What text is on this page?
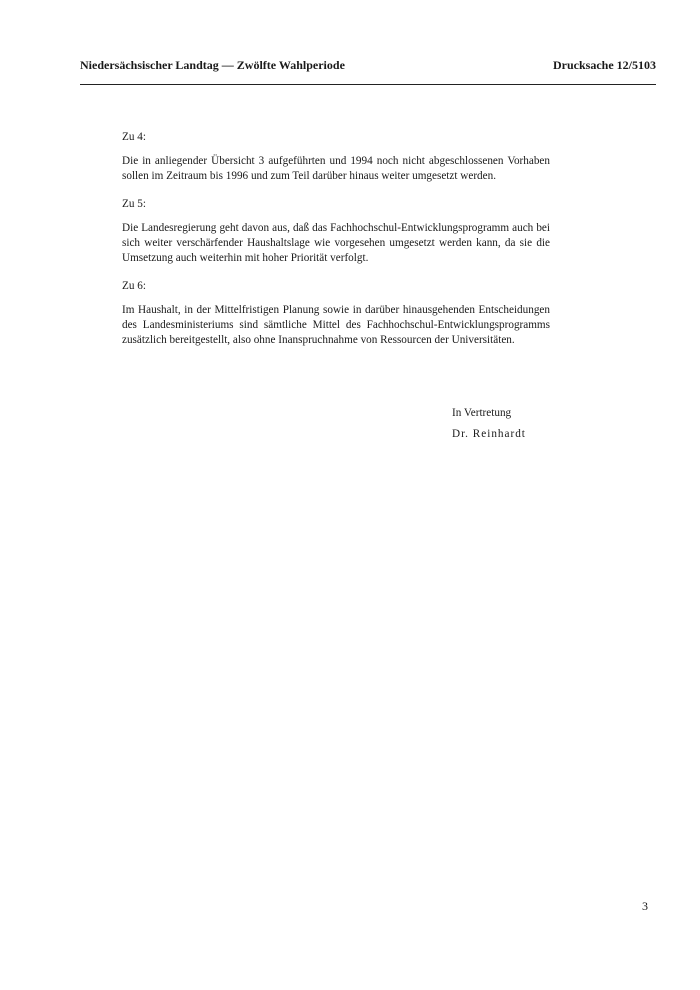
Niedersächsischer Landtag — Zwölfte Wahlperiode	Drucksache 12/5103

Zu 4:

Die in anliegender Übersicht 3 aufgeführten und 1994 noch nicht abgeschlossenen Vorhaben sollen im Zeitraum bis 1996 und zum Teil darüber hinaus weiter umgesetzt werden.

Zu 5:

Die Landesregierung geht davon aus, daß das Fachhochschul-Entwicklungsprogramm auch bei sich weiter verschärfender Haushaltslage wie vorgesehen umgesetzt werden kann, da sie die Umsetzung auch weiterhin mit hoher Priorität verfolgt.

Zu 6:

Im Haushalt, in der Mittelfristigen Planung sowie in darüber hinausgehenden Entscheidungen des Landesministeriums sind sämtliche Mittel des Fachhochschul-Entwicklungsprogramms zusätzlich bereitgestellt, also ohne Inanspruchnahme von Ressourcen der Universitäten.

In Vertretung
Dr. Reinhardt
3
